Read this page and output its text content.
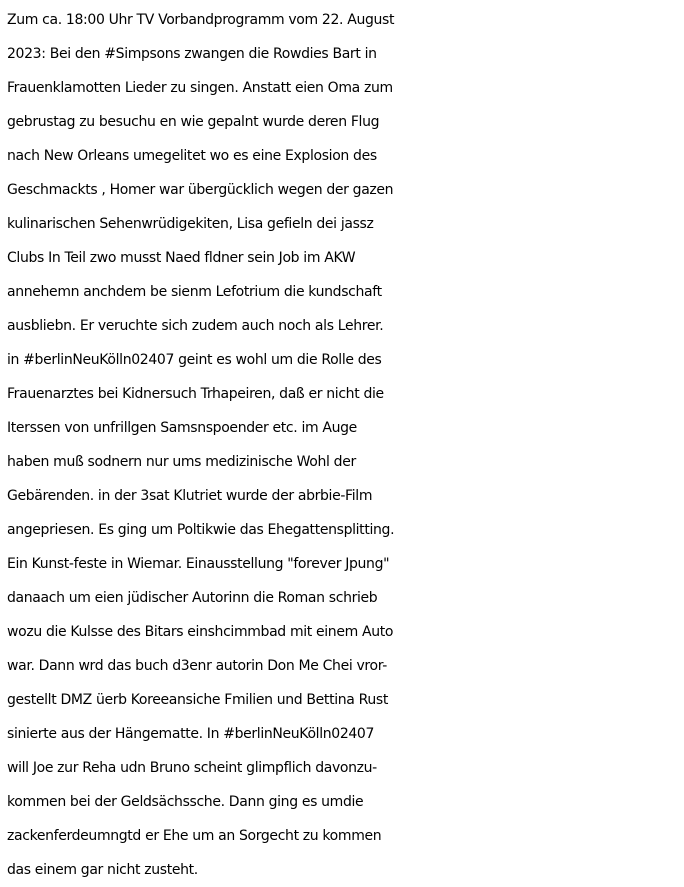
Zum ca. 18:00 Uhr TV Vorbandprogramm vom 22. August
2023: Bei den #Simpsons zwangen die Rowdies Bart in
Frauenklamotten Lieder zu singen. Anstatt eien Oma zum
gebrustag zu besuchu en wie gepalnt wurde deren Flug
nach New Orleans umegelitet wo es eine Explosion des
Geschmackts , Homer war übergücklich wegen der gazen
kulinarischen Sehenwrüdigekiten, Lisa gefieln dei jassz
Clubs In Teil zwo musst Naed fldner sein Job im AKW
annehemn anchdem be sienm Lefotrium die kundschaft
ausbliebn. Er veruchte sich zudem auch noch als Lehrer.
in #berlinNeuKölln02407 geint es wohl um die Rolle des
Frauenarztes bei Kidnersuch Trhapeiren, daß er nicht die
Iterssen von unfrillgen Samsnspoender etc. im Auge
haben muß sodnern nur ums medizinische Wohl der
Gebärenden. in der 3sat Klutriet wurde der abrbie-Film
angepriesen. Es ging um Poltikwie das Ehegattensplitting.
Ein Kunst-feste in Wiemar. Einausstellung "forever Jpung"
danaach um eien jüdischer Autorinn die Roman schrieb
wozu die Kulsse des Bitars einshcimmbad mit einem Auto
war. Dann wrd das buch d3enr autorin Don Me Chei vror-
gestellt DMZ üerb Koreeansiche Fmilien und Bettina Rust
sinierte aus der Hängematte. In #berlinNeuKölln02407
will Joe zur Reha udn Bruno scheint glimpflich davonzu-
kommen bei der Geldsächssche. Dann ging es umdie
zackenferdeumngtd er Ehe um an Sorgecht zu kommen
das einem gar nicht zusteht.
